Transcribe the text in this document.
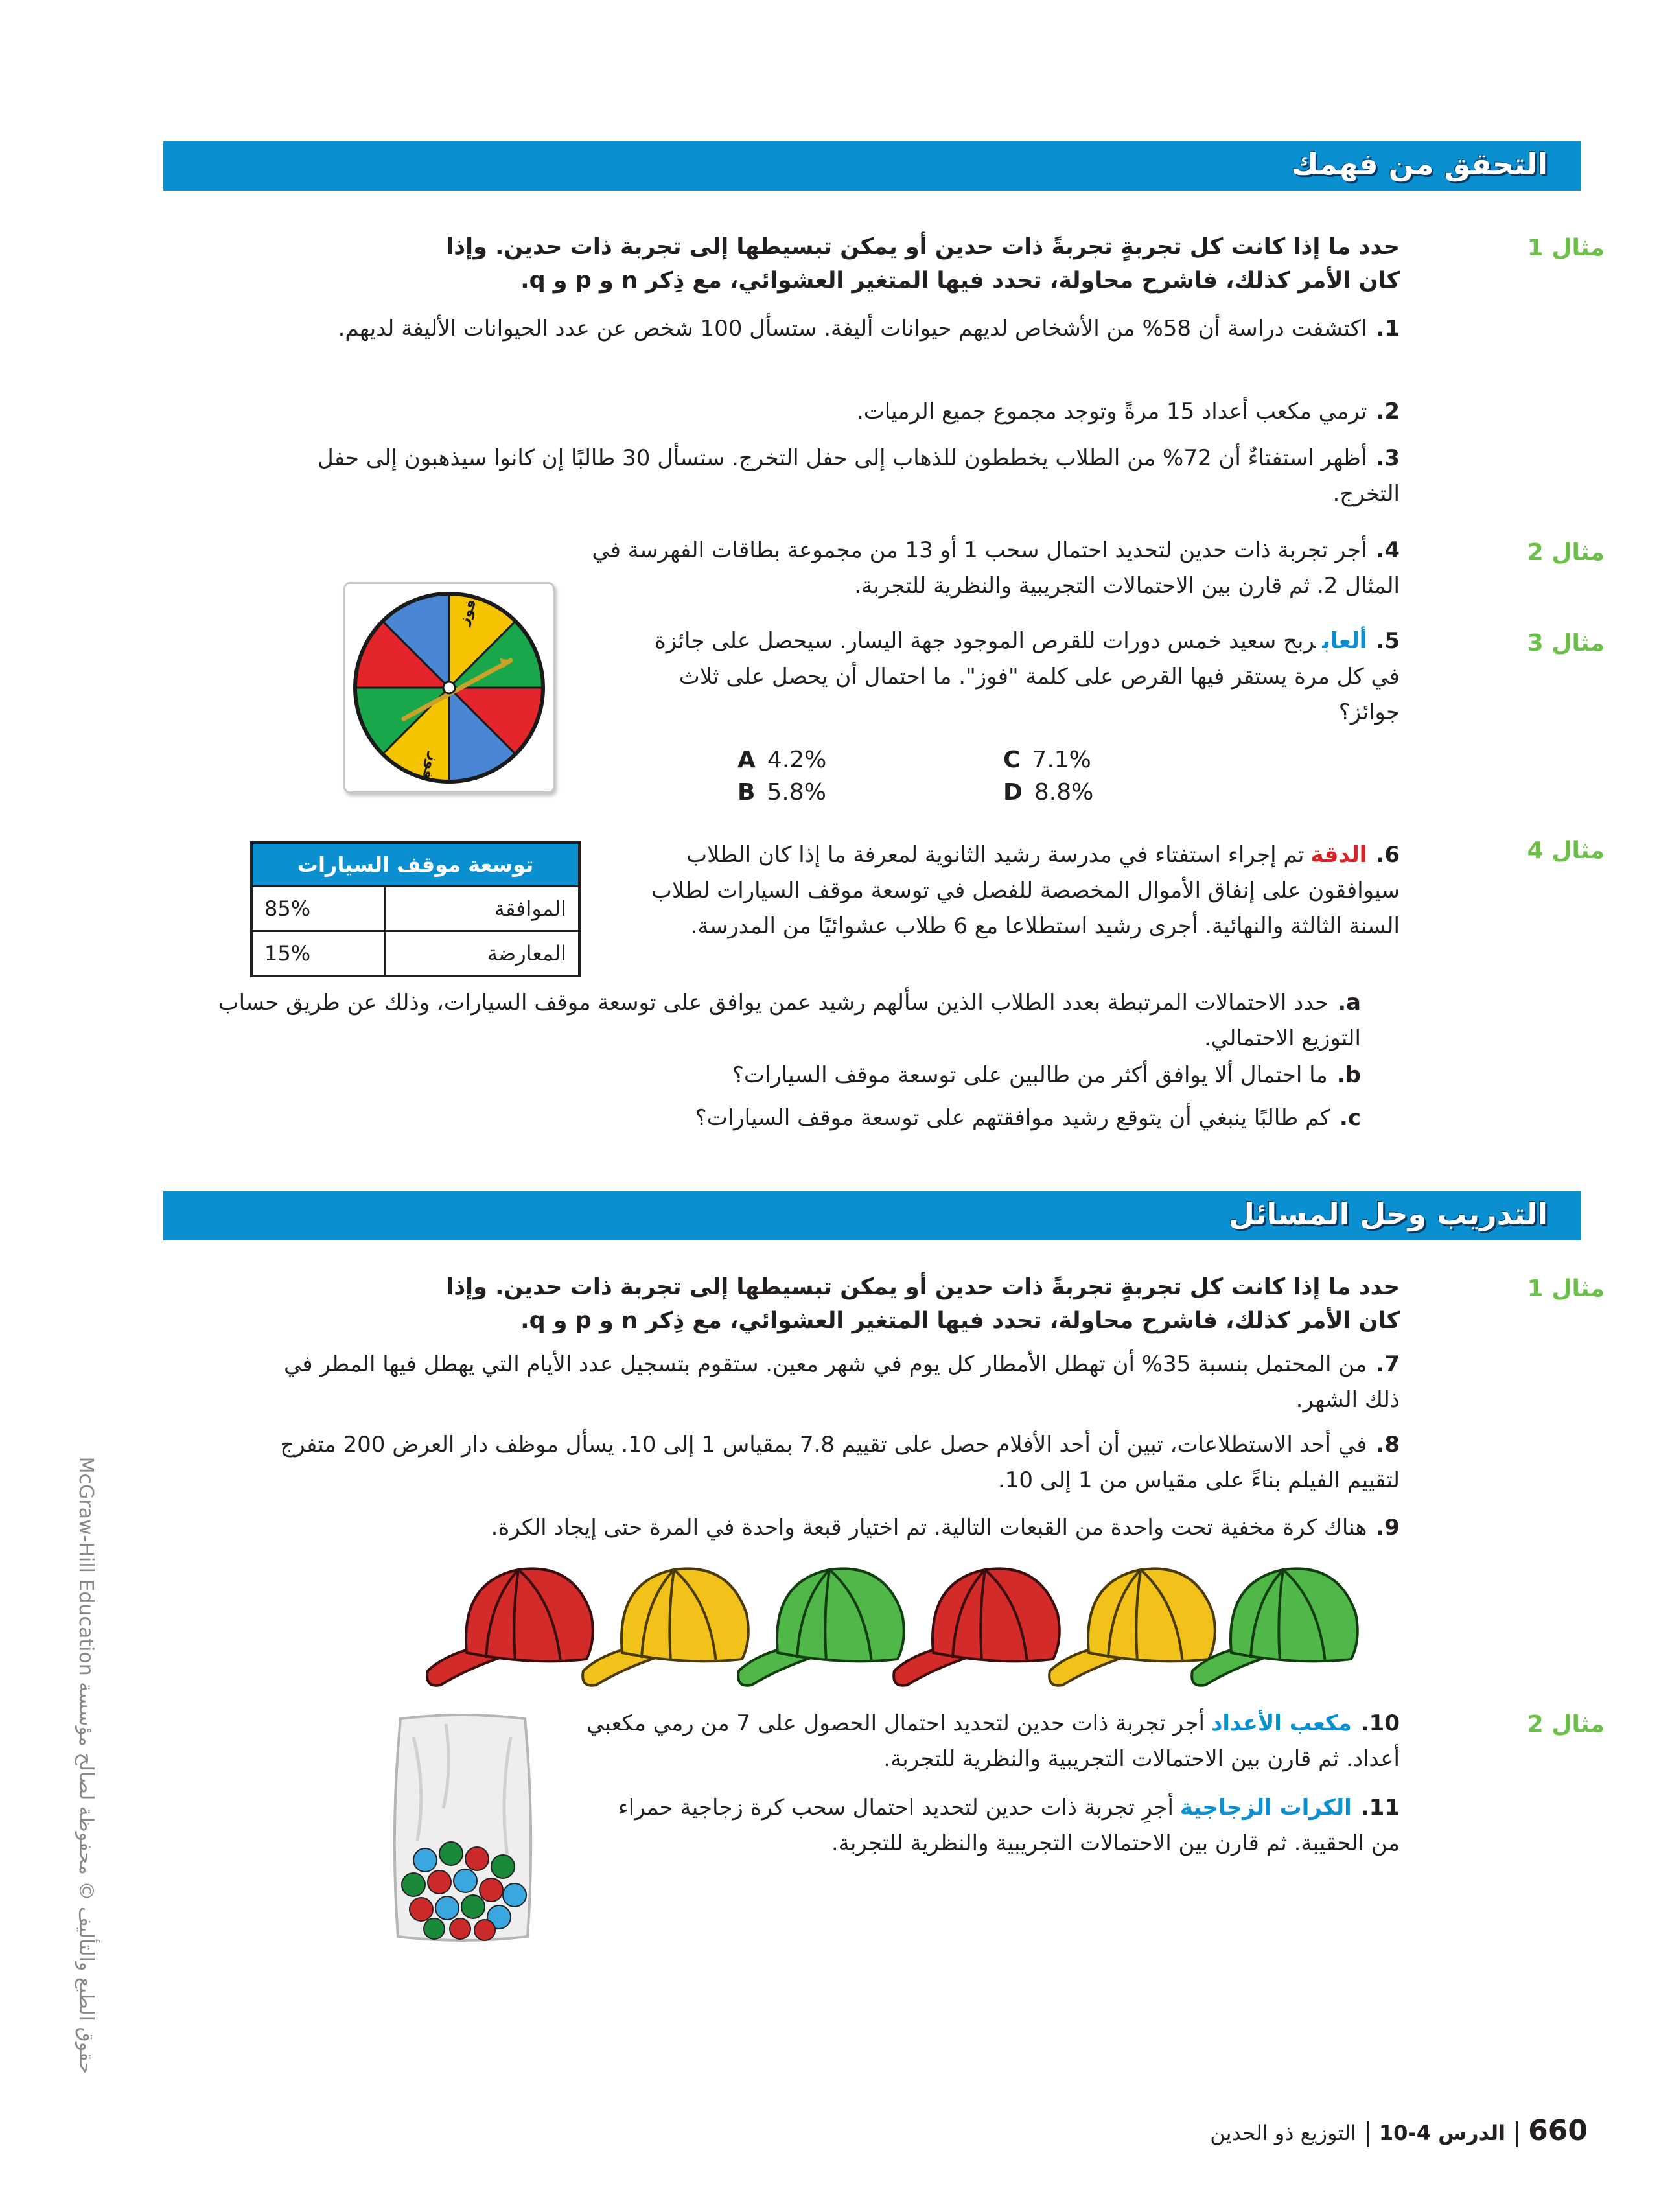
التحقق من فهمك
مثال 1
حدد ما إذا كانت كل تجربةٍ تجربةً ذات حدين أو يمكن تبسيطها إلى تجربة ذات حدين. وإذا
كان الأمر كذلك، فاشرح محاولة، تحدد فيها المتغير العشوائي، مع ذِكر n و p و q.
1.اكتشفت دراسة أن 58% من الأشخاص لديهم حيوانات أليفة. ستسأل 100 شخص عن عدد الحيوانات الأليفة لديهم.
2.ترمي مكعب أعداد 15 مرةً وتوجد مجموع جميع الرميات.
3.أظهر استفتاءٌ أن 72% من الطلاب يخططون للذهاب إلى حفل التخرج. ستسأل 30 طالبًا إن كانوا سيذهبون إلى حفل التخرج.
مثال 2
4.أجر تجربة ذات حدين لتحديد احتمال سحب 1 أو 13 من مجموعة بطاقات الفهرسة في المثال 2. ثم قارن بين الاحتمالات التجريبية والنظرية للتجربة.
فوز
فوز
مثال 3
5.ألعابربح سعيد خمس دورات للقرص الموجود جهة اليسار. سيحصل على جائزة في كل مرة يستقر فيها القرص على كلمة "فوز". ما احتمال أن يحصل على ثلاث جوائز؟
A 4.2%
B 5.8%
C 7.1%
D 8.8%
توسعة موقف السيارات	
الموافقة	85%
المعارضة	15%
مثال 4
6.الدقةتم إجراء استفتاء في مدرسة رشيد الثانوية لمعرفة ما إذا كان الطلاب سيوافقون على إنفاق الأموال المخصصة للفصل في توسعة موقف السيارات لطلاب السنة الثالثة والنهائية. أجرى رشيد استطلاعا مع 6 طلاب عشوائيًا من المدرسة.
a.حدد الاحتمالات المرتبطة بعدد الطلاب الذين سألهم رشيد عمن يوافق على توسعة موقف السيارات، وذلك عن طريق حساب التوزيع الاحتمالي.
b.ما احتمال ألا يوافق أكثر من طالبين على توسعة موقف السيارات؟
c.كم طالبًا ينبغي أن يتوقع رشيد موافقتهم على توسعة موقف السيارات؟
التدريب وحل المسائل
مثال 1
حدد ما إذا كانت كل تجربةٍ تجربةً ذات حدين أو يمكن تبسيطها إلى تجربة ذات حدين. وإذا
كان الأمر كذلك، فاشرح محاولة، تحدد فيها المتغير العشوائي، مع ذِكر n و p و q.
7.من المحتمل بنسبة 35% أن تهطل الأمطار كل يوم في شهر معين. ستقوم بتسجيل عدد الأيام التي يهطل فيها المطر في ذلك الشهر.
8.في أحد الاستطلاعات، تبين أن أحد الأفلام حصل على تقييم 7.8 بمقياس 1 إلى 10. يسأل موظف دار العرض 200 متفرج لتقييم الفيلم بناءً على مقياس من 1 إلى 10.
9.هناك كرة مخفية تحت واحدة من القبعات التالية. تم اختيار قبعة واحدة في المرة حتى إيجاد الكرة.
مثال 2
10.مكعب الأعدادأجر تجربة ذات حدين لتحديد احتمال الحصول على 7 من رمي مكعبي أعداد. ثم قارن بين الاحتمالات التجريبية والنظرية للتجربة.
11.الكرات الزجاجيةأجرِ تجربة ذات حدين لتحديد احتمال سحب كرة زجاجية حمراء من الحقيبة. ثم قارن بين الاحتمالات التجريبية والنظرية للتجربة.
حقوق الطبع والتأليف © محفوظة لصالح مؤسسة McGraw-Hill Education
660الدرس 4-10التوزيع ذو الحدين
